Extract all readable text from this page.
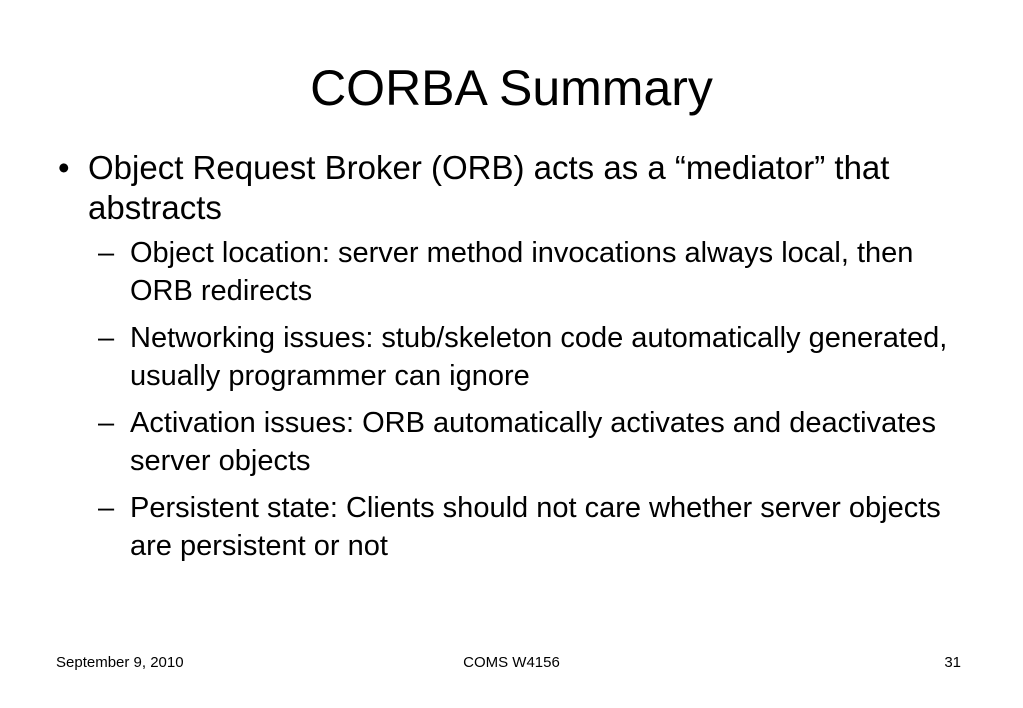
CORBA Summary
• Object Request Broker (ORB) acts as a “mediator” that abstracts
– Object location: server method invocations always local, then ORB redirects
– Networking issues: stub/skeleton code automatically generated, usually programmer can ignore
– Activation issues: ORB automatically activates and deactivates server objects
– Persistent state: Clients should not care whether server objects are persistent or not
September 9, 2010	COMS W4156	31
